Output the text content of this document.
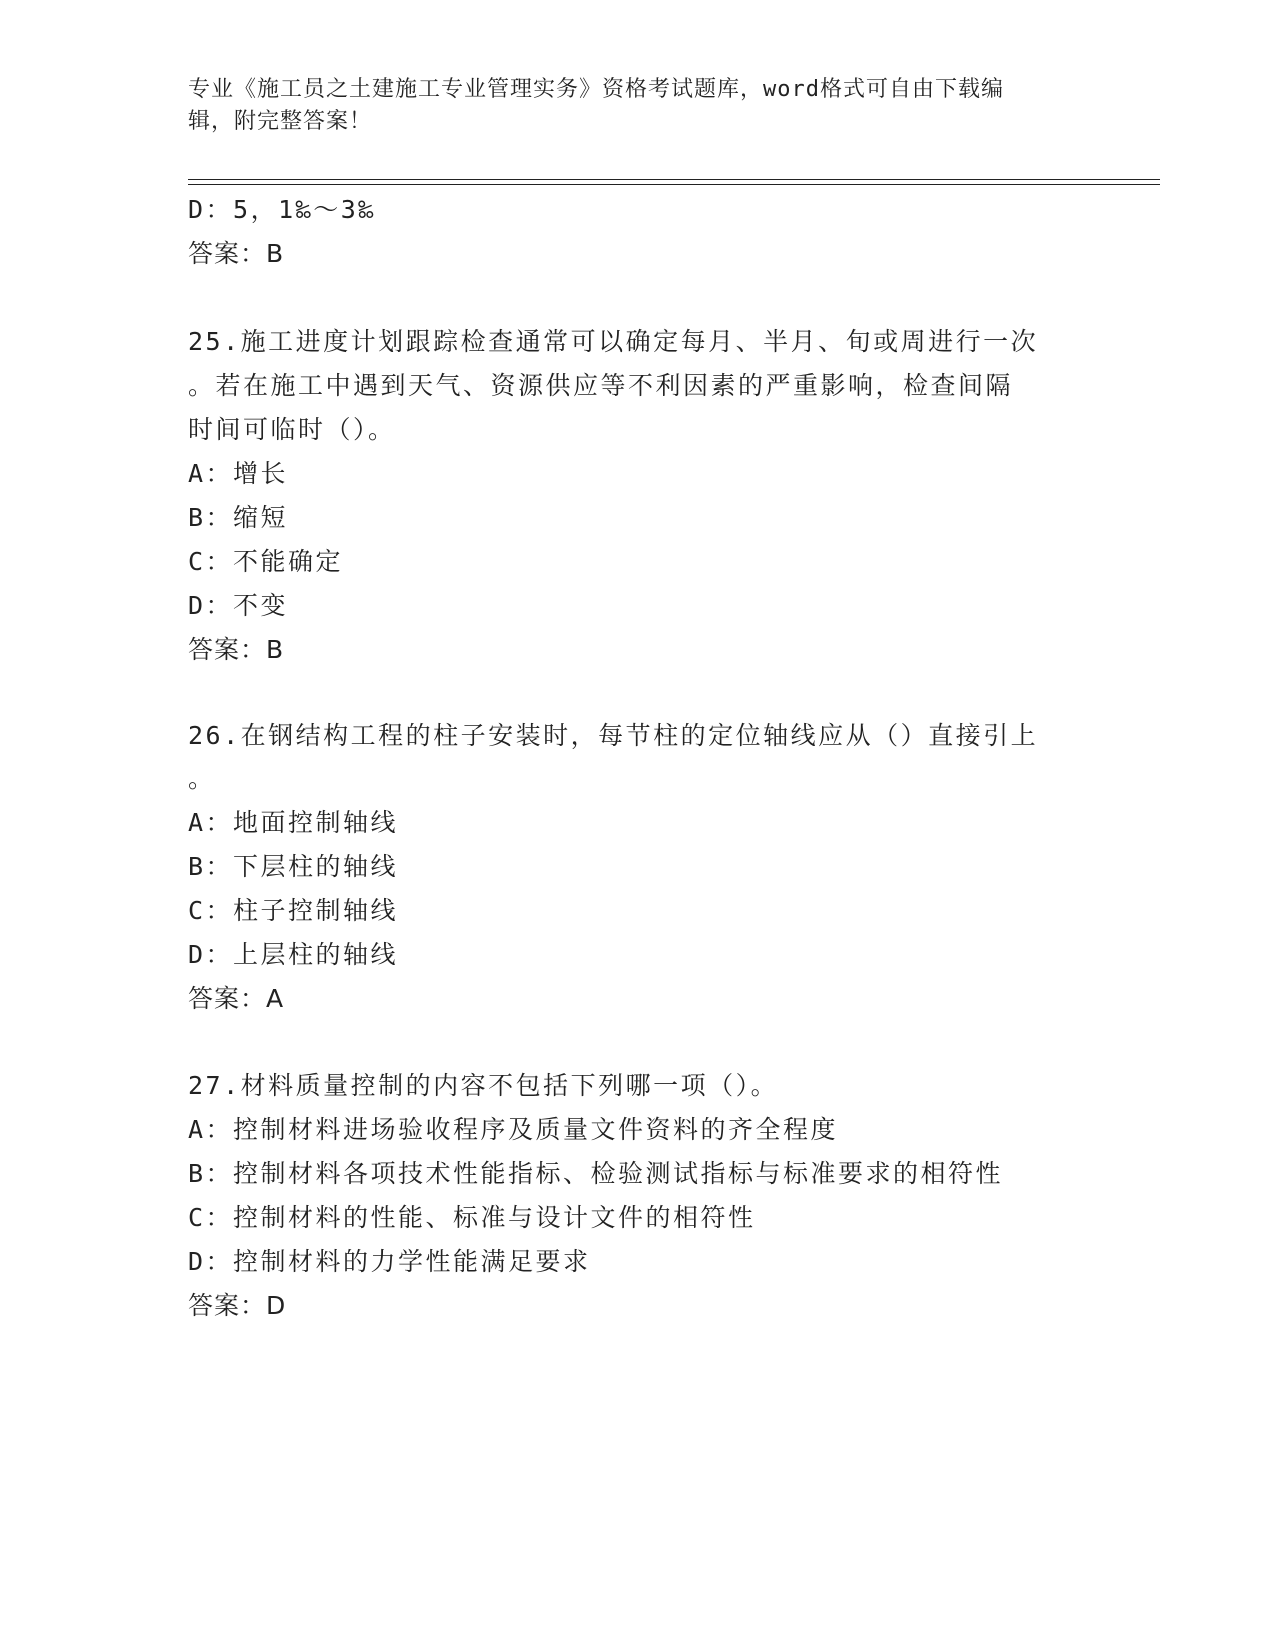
专业《施工员之土建施工专业管理实务》资格考试题库，word格式可自由下载编
辑，附完整答案！
D：5，1‰～3‰
答案：B
25.施工进度计划跟踪检查通常可以确定每月、半月、旬或周进行一次
。若在施工中遇到天气、资源供应等不利因素的严重影响，检查间隔
时间可临时（）。
A：增长
B：缩短
C：不能确定
D：不变
答案：B
26.在钢结构工程的柱子安装时，每节柱的定位轴线应从（）直接引上
。
A：地面控制轴线
B：下层柱的轴线
C：柱子控制轴线
D：上层柱的轴线
答案：A
27.材料质量控制的内容不包括下列哪一项（）。
A：控制材料进场验收程序及质量文件资料的齐全程度
B：控制材料各项技术性能指标、检验测试指标与标准要求的相符性
C：控制材料的性能、标准与设计文件的相符性
D：控制材料的力学性能满足要求
答案：D
